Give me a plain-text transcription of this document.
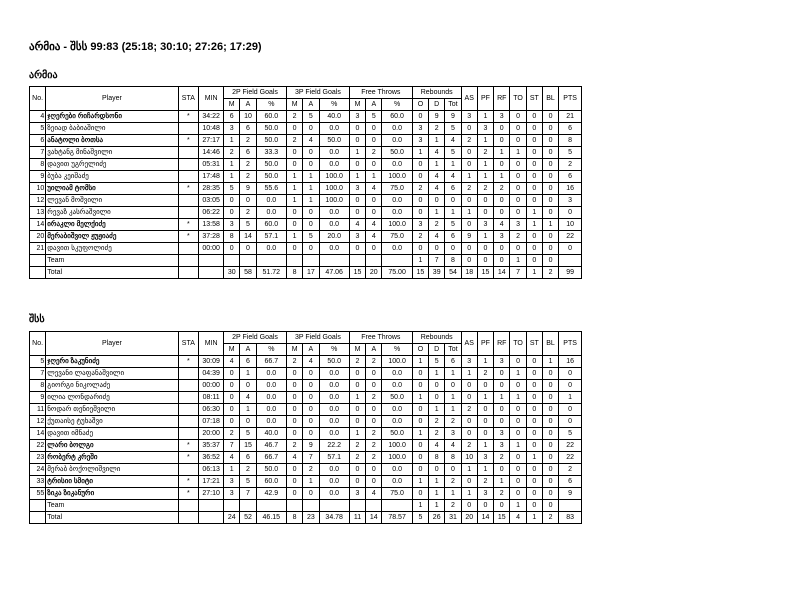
არმია - შსს 99:83 (25:18; 30:10; 27:26; 17:29)
არმია
No.	Player	STA	MIN	2P Field Goals			3P Field Goals			Free Throws			Rebounds			AS	PF	RF	TO	ST	BL	PTS
				M	A	%	M	A	%	M	A	%	O	D	Tot							
4	ჯღერები რიჩარდსონი	*	34:22	6	10	60.0	2	5	40.0	3	5	60.0	0	9	9	3	1	3	0	0	0	21
5	ზეიად ბაბიაშილი		10:48	3	6	50.0	0	0	0.0	0	0	0.0	3	2	5	0	3	0	0	0	0	6
6	ანატოლი ბოთსა	*	27:17	1	2	50.0	2	4	50.0	0	0	0.0	3	1	4	2	1	0	0	0	0	8
7	ვახტანგ მინაშვილი		14:46	2	6	33.3	0	0	0.0	1	2	50.0	1	4	5	0	2	1	1	0	0	5
8	დავით უგრელიძე		05:31	1	2	50.0	0	0	0.0	0	0	0.0	0	1	1	0	1	0	0	0	0	2
9	ბუბა კეიშაძე		17:48	1	2	50.0	1	1	100.0	1	1	100.0	0	4	4	1	1	1	0	0	0	6
10	უილიამ ტომსი	*	28:35	5	9	55.6	1	1	100.0	3	4	75.0	2	4	6	2	2	2	0	0	0	16
12	ლევან მოშვილი		03:05	0	0	0.0	1	1	100.0	0	0	0.0	0	0	0	0	0	0	0	0	0	3
13	რევაზ კასრაშვილი		06:22	0	2	0.0	0	0	0.0	0	0	0.0	0	1	1	1	0	0	0	1	0	0
14	ირაკლი მელქიძე	*	13:58	3	5	60.0	0	0	0.0	4	4	100.0	3	2	5	0	3	4	3	1	1	10
20	მერაბიშვილ ჟუჟიაძე	*	37:28	8	14	57.1	1	5	20.0	3	4	75.0	2	4	6	9	1	3	2	0	0	22
21	დავით სკუფოლიძე		00:00	0	0	0.0	0	0	0.0	0	0	0.0	0	0	0	0	0	0	0	0	0	0
	Team												1	7	8	0	0	0	1	0	0	
	Total			30	58	51.72	8	17	47.06	15	20	75.00	15	39	54	18	15	14	7	1	2	99
შსს
No.	Player	STA	MIN	2P Field Goals			3P Field Goals			Free Throws			Rebounds			AS	PF	RF	TO	ST	BL	PTS
				M	A	%	M	A	%	M	A	%	O	D	Tot							
5	ჯღერი ზაკუნიძე	*	30:09	4	6	66.7	2	4	50.0	2	2	100.0	1	5	6	3	1	3	0	0	1	16
7	ლევანი ლაფანაშვილი		04:39	0	1	0.0	0	0	0.0	0	0	0.0	0	1	1	1	2	0	1	0	0	0
8	გიორგი ნიკოლაძე		00:00	0	0	0.0	0	0	0.0	0	0	0.0	0	0	0	0	0	0	0	0	0	0
9	ილია ლონდარიძე		08:11	0	4	0.0	0	0	0.0	1	2	50.0	1	0	1	0	1	1	1	0	0	1
11	ნოდარ თენიეშვილი		06:30	0	1	0.0	0	0	0.0	0	0	0.0	0	1	1	2	0	0	0	0	0	0
12	ქუთაისე ტუხაშვი		07:18	0	0	0.0	0	0	0.0	0	0	0.0	0	2	2	0	0	0	0	0	0	0
14	დავით იმნაძე		20:00	2	5	40.0	0	0	0.0	1	2	50.0	1	2	3	0	0	3	0	0	0	5
22	ლარი ბოლგი	*	35:37	7	15	46.7	2	9	22.2	2	2	100.0	0	4	4	2	1	3	1	0	0	22
23	რობერტ კრეში	*	36:52	4	6	66.7	4	7	57.1	2	2	100.0	0	8	8	10	3	2	0	1	0	22
24	მერაბ ბოქოლიშვილი		06:13	1	2	50.0	0	2	0.0	0	0	0.0	0	0	0	1	1	0	0	0	0	2
33	ტრისიი სმიტი	*	17:21	3	5	60.0	0	1	0.0	0	0	0.0	1	1	2	0	2	1	0	0	0	6
55	ზიკა ზიკანური	*	27:10	3	7	42.9	0	0	0.0	3	4	75.0	0	1	1	1	3	2	0	0	0	9
	Team												1	1	2	0	0	0	1	0	0	
	Total			24	52	46.15	8	23	34.78	11	14	78.57	5	26	31	20	14	15	4	1	2	83
